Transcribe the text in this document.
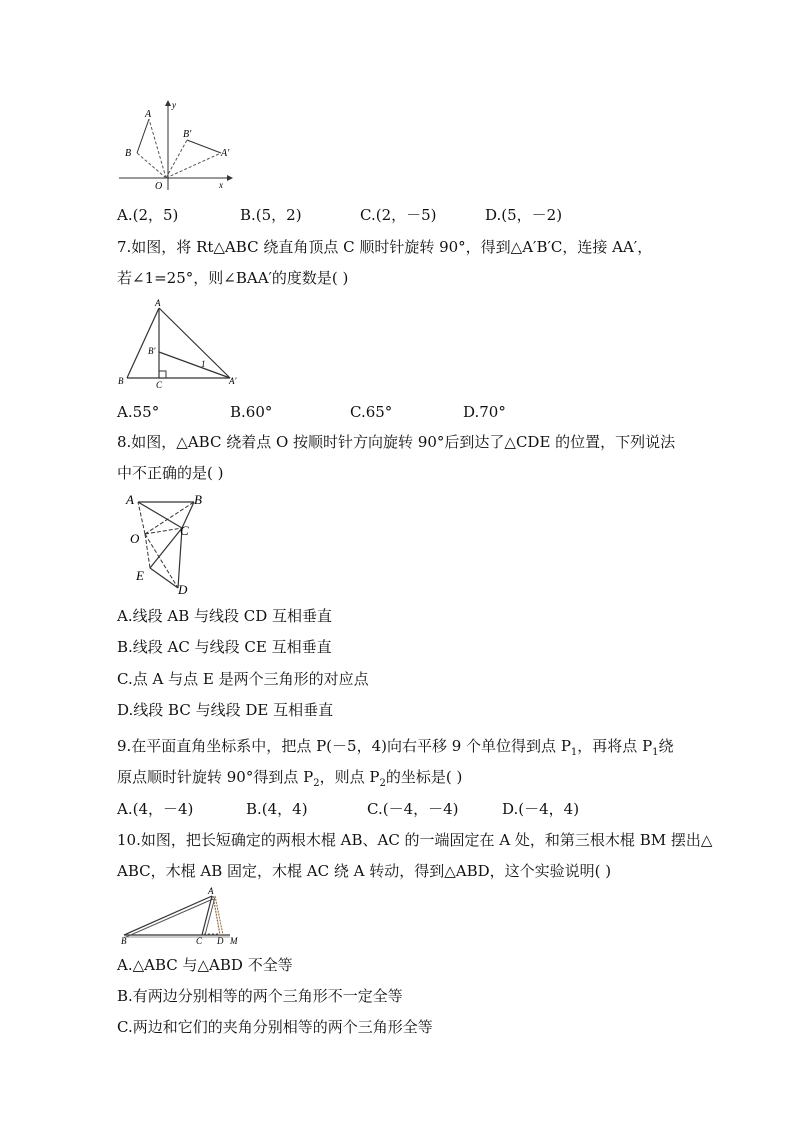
y
x
O
A
B
B'
A'
A.(2，5)	B.(5，2)	C.(2，－5)	D.(5，－2)
7.如图，将 Rt△ABC 绕直角顶点 C 顺时针旋转 90°，得到△A′B′C，连接 AA′，
若∠1=25°，则∠BAA′的度数是( )
A
B	C
B'
A'
1
A.55°	B.60°	C.65°	D.70°
8.如图，△ABC 绕着点 O 按顺时针方向旋转 90°后到达了△CDE 的位置，下列说法
中不正确的是( )
A	B
C
O
E
D
A.线段 AB 与线段 CD 互相垂直
B.线段 AC 与线段 CE 互相垂直
C.点 A 与点 E 是两个三角形的对应点
D.线段 BC 与线段 DE 互相垂直
9.在平面直角坐标系中，把点 P(－5，4)向右平移 9 个单位得到点 $P_1$，再将点 $P_1$绕
原点顺时针旋转 90°得到点 $P_2$，则点 $P_2$的坐标是( )
A.(4，－4)	B.(4，4)	C.(－4，－4)	D.(－4，4)
10.如图，把长短确定的两根木棍 AB、AC 的一端固定在 A 处，和第三根木棍 BM 摆出△
ABC，木棍 AB 固定，木棍 AC 绕 A 转动，得到△ABD，这个实验说明( )
A
B	C D M
A.△ABC 与△ABD 不全等
B.有两边分别相等的两个三角形不一定全等
C.两边和它们的夹角分别相等的两个三角形全等
